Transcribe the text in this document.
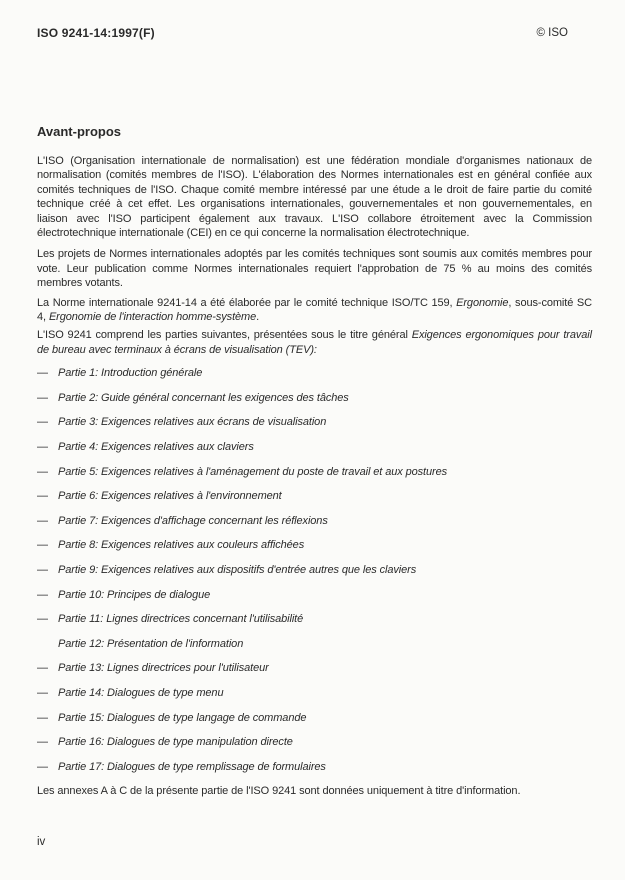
ISO 9241-14:1997(F)	© ISO
Avant-propos

L'ISO (Organisation internationale de normalisation) est une fédération mondiale d'organismes nationaux de normalisation (comités membres de l'ISO). L'élaboration des Normes internationales est en général confiée aux comités techniques de l'ISO. Chaque comité membre intéressé par une étude a le droit de faire partie du comité technique créé à cet effet. Les organisations internationales, gouvernementales et non gouvernementales, en liaison avec l'ISO participent également aux travaux. L'ISO collabore étroitement avec la Commission électrotechnique internationale (CEI) en ce qui concerne la normalisation électrotechnique.

Les projets de Normes internationales adoptés par les comités techniques sont soumis aux comités membres pour vote. Leur publication comme Normes internationales requiert l'approbation de 75 % au moins des comités membres votants.

La Norme internationale 9241-14 a été élaborée par le comité technique ISO/TC 159, Ergonomie, sous-comité SC 4, Ergonomie de l'interaction homme-système.

L'ISO 9241 comprend les parties suivantes, présentées sous le titre général Exigences ergonomiques pour travail de bureau avec terminaux à écrans de visualisation (TEV):

— Partie 1: Introduction générale
— Partie 2: Guide général concernant les exigences des tâches
— Partie 3: Exigences relatives aux écrans de visualisation
— Partie 4: Exigences relatives aux claviers
— Partie 5: Exigences relatives à l'aménagement du poste de travail et aux postures
— Partie 6: Exigences relatives à l'environnement
— Partie 7: Exigences d'affichage concernant les réflexions
— Partie 8: Exigences relatives aux couleurs affichées
— Partie 9: Exigences relatives aux dispositifs d'entrée autres que les claviers
— Partie 10: Principes de dialogue
— Partie 11: Lignes directrices concernant l'utilisabilité
Partie 12: Présentation de l'information
— Partie 13: Lignes directrices pour l'utilisateur
— Partie 14: Dialogues de type menu
— Partie 15: Dialogues de type langage de commande
— Partie 16: Dialogues de type manipulation directe
— Partie 17: Dialogues de type remplissage de formulaires

Les annexes A à C de la présente partie de l'ISO 9241 sont données uniquement à titre d'information.

iv
